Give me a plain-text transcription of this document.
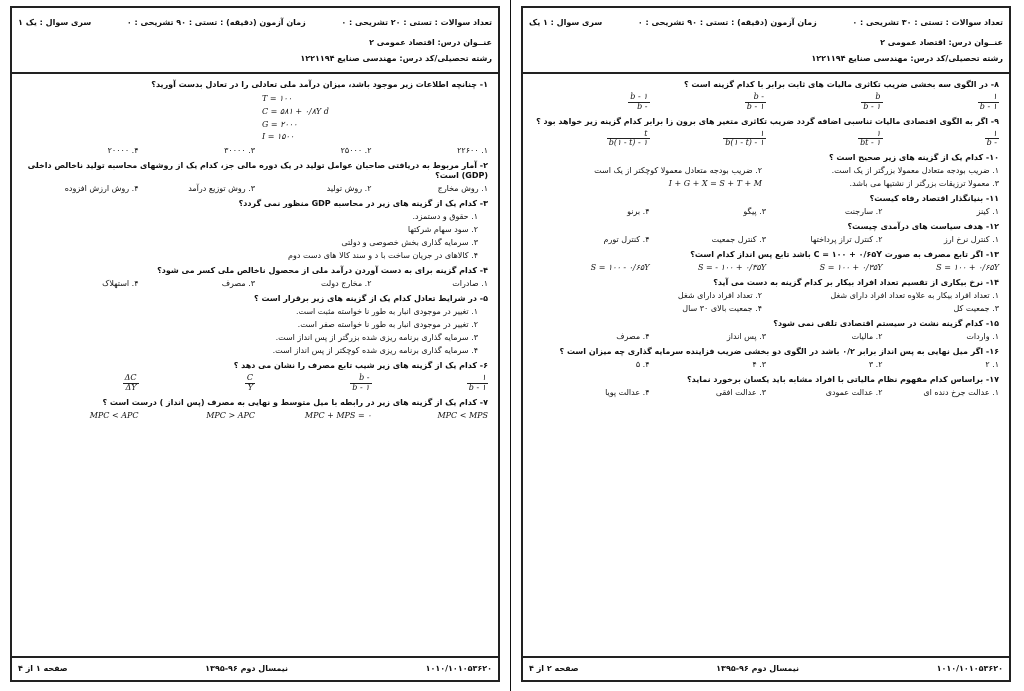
تعداد سوالات : تستی : ۲۰ تشریحی : ۰
زمان آزمون (دقیقه) : تستی : ۹۰ تشریحی : ۰
سری سوال : یک ۱
عنــوان درس: اقتصاد عمومی ۲
رشته تحصیلی/کد درس: مهندسی صنایع ۱۲۲۱۱۹۴
۱- چنانچه اطلاعات زیر موجود باشد، میزان درآمد ملی تعادلی را در تعادل بدست آورید؟
T = ۱۰۰
C = ۵۸۱ + ۰/۸Y d
G = ۲۰۰۰
I = ۱۵۰۰
۱. ۲۲۶۰۰
۲. ۲۵۰۰۰
۳. ۳۰۰۰۰
۴. ۲۰۰۰۰
۲- آمار مربوط به دریافتی صاحبان عوامل تولید در یک دوره مالی جز، کدام یک از روشهای محاسبه تولید ناخالص داخلی (GDP) است؟
۱. روش مخارج
۲. روش تولید
۳. روش توزیع درآمد
۴. روش ارزش افزوده
۳- کدام یک از گزینه های زیر در محاسبه GDP منظور نمی گردد؟
۱. حقوق و دستمزد.
۲. سود سهام شرکتها
۳. سرمایه گذاری بخش خصوصی و دولتی
۴. کالاهای در جریان ساخت با د و سند کالا های دست دوم
۴- کدام گزینه برای به دست آوردن درآمد ملی از محصول ناخالص ملی کسر می شود؟
۱. صادرات
۲. مخارج دولت
۳. مصرف
۴. استهلاک
۵- در شرایط تعادل کدام یک از گزینه های زیر برقرار است ؟
۱. تغییر در موجودی انبار به طور نا خواسته مثبت است.
۲. تغییر در موجودی انبار به طور نا خواسته صفر است.
۳. سرمایه گذاری برنامه ریزی شده بزرگتر از پس انداز است.
۴. سرمایه گذاری برنامه ریزی شده کوچکتر از پس انداز است.
۶- کدام یک از گزینه های زیر شیب تابع مصرف را نشان می دهد ؟
$\frac{۱}{۱ - b}$
$\frac{- b}{۱ - b}$
$\frac{C}{Y}$
$\frac{\Delta C}{\Delta Y}$
۷- کدام یک از گزینه های زیر در رابطه با میل متوسط و نهایی به مصرف (پس انداز ) درست است ؟
MPC < MPS
MPC + MPS = ۰
MPC > APC
MPC < APC
۱۰۱۰/۱۰۱۰۵۳۶۲۰
نیمسال دوم ۹۶-۱۳۹۵
صفحه ۱ از ۴
تعداد سوالات : تستی : ۳۰ تشریحی : ۰
زمان آزمون (دقیقه) : تستی : ۹۰ تشریحی : ۰
سری سوال : ۱ یک
عنــوان درس: اقتصاد عمومی ۲
رشته تحصیلی/کد درس: مهندسی صنایع ۱۲۲۱۱۹۴
۸- در الگوی سه بخشی ضریب تکاثری مالیات های ثابت برابر با کدام گزینه است ؟
$\frac{۱}{۱ - b}$
$\frac{b}{۱ - b}$
$\frac{- b}{۱ - b}$
$\frac{۱ - b}{- b}$
۹- اگر به الگوی اقتصادی مالیات تناسبی اضافه گردد ضریب تکاثری متغیر های برون زا برابر کدام گزینه زیر خواهد بود ؟
$\frac{۱}{- b}$
$\frac{۱}{۱ - bt}$
$\frac{۱}{۱ - b(۱ - t)}$
$\frac{t}{۱ - b(۱ - t)}$
۱۰- کدام یک از گزینه های زیر صحیح است ؟
۱. ضریب بودجه متعادل معمولا بزرگتر از یک است.
۲. ضریب بودجه متعادل معمولا کوچکتر از یک است
۳. معمولا ترزیقات بزرگتر از نشتیها می باشد.
I + G + X = S + T + M
۱۱- بنیانگذار اقتصاد رفاه کیست؟
۱. کینز
۲. سارجنت
۳. پیگو
۴. برنو
۱۲- هدف سیاست های درآمدی چیست؟
۱. کنترل نرخ ارز
۲. کنترل تراز پرداختها
۳. کنترل جمعیت
۴. کنترل تورم
۱۳- اگر تابع مصرف به صورت C = ۱۰۰ + ۰/۶۵Y باشد تابع پس انداز کدام است؟
S = ۱۰۰ + ۰/۶۵Y
S = ۱۰۰ + ۰/۳۵Y
S = - ۱۰۰ + ۰/۳۵Y
S = ۱۰۰ - ۰/۶۵Y
۱۴- نرخ بیکاری از تقسیم تعداد افراد بیکار بر کدام گزینه به دست می آید؟
۱. تعداد افراد بیکار به علاوه تعداد افراد دارای شغل
۲. تعداد افراد دارای شغل
۳. جمعیت کل
۴. جمعیت بالای ۳۰ سال
۱۵- کدام گزینه نشت در سیستم اقتصادی تلقی نمی شود؟
۱. واردات
۲. مالیات
۳. پس انداز
۴. مصرف
۱۶- اگر میل نهایی به پس انداز برابر ۰/۲ باشد در الگوی دو بخشی ضریب فزاینده سرمایه گذاری چه میزان است ؟
۱. ۲
۲. ۳
۳. ۴
۴. ۵
۱۷- براساس کدام مفهوم نظام مالیاتی با افراد مشابه باید یکسان برخورد نماید؟
۱. عدالت جرخ دنده ای
۲. عدالت عمودی
۳. عدالت افقی
۴. عدالت پویا
۱۰۱۰/۱۰۱۰۵۳۶۲۰
نیمسال دوم ۹۶-۱۳۹۵
صفحه ۲ از ۴
